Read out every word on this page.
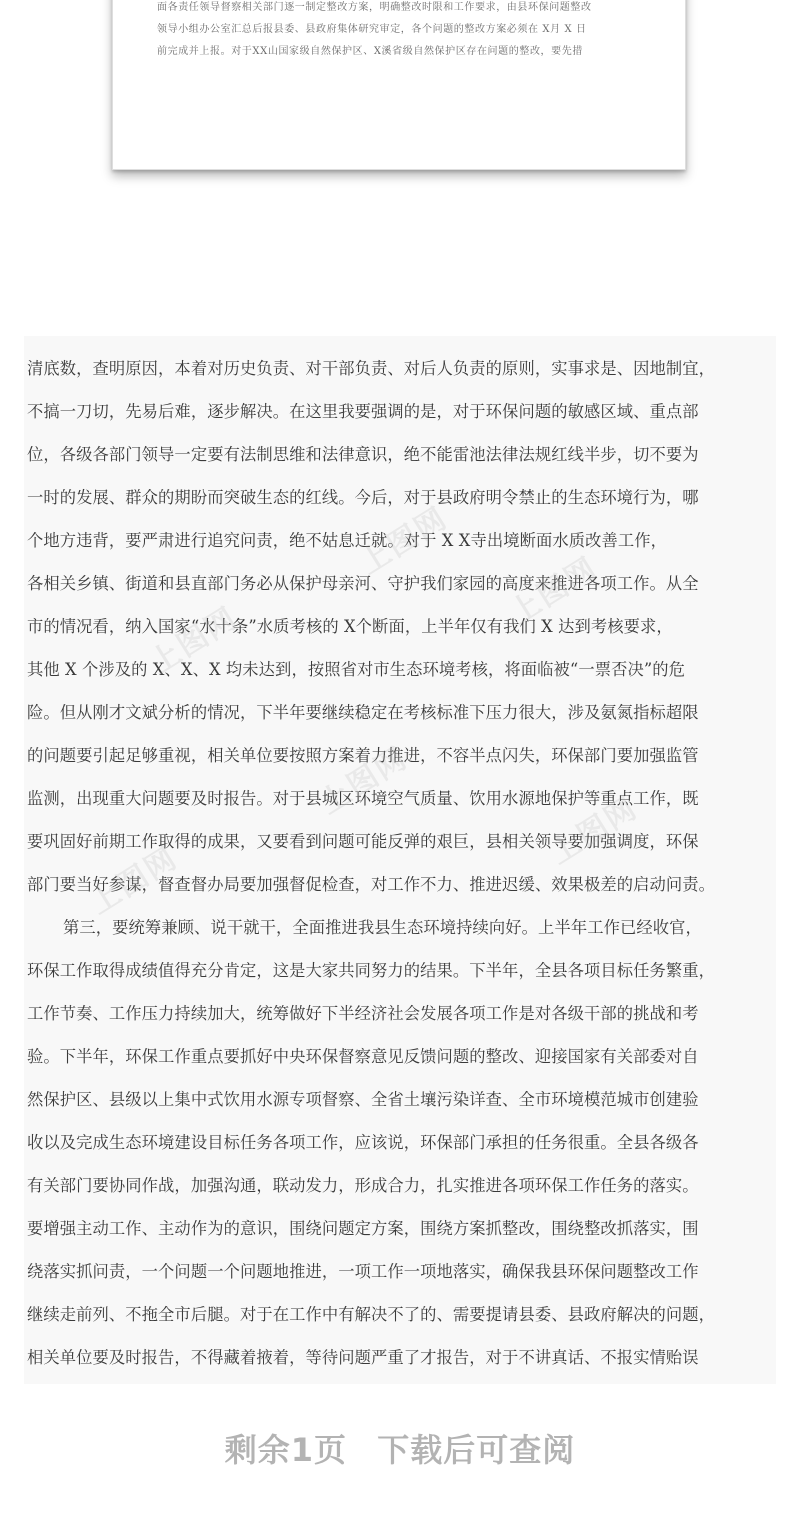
面各责任领导督察相关部门逐一制定整改方案，明确整改时限和工作要求，由县环保问题整改
领导小组办公室汇总后报县委、县政府集体研究审定，各个问题的整改方案必须在 X月 X 日
前完成并上报。对于XX山国家级自然保护区、X溪省级自然保护区存在问题的整改，要先措
清底数，查明原因，本着对历史负责、对干部负责、对后人负责的原则，实事求是、因地制宜，
不搞一刀切，先易后难，逐步解决。在这里我要强调的是，对于环保问题的敏感区域、重点部
位，各级各部门领导一定要有法制思维和法律意识，绝不能雷池法律法规红线半步，切不要为
一时的发展、群众的期盼而突破生态的红线。今后，对于县政府明令禁止的生态环境行为，哪
个地方违背，要严肃进行追究问责，绝不姑息迁就。对于 X X寺出境断面水质改善工作，
各相关乡镇、街道和县直部门务必从保护母亲河、守护我们家园的高度来推进各项工作。从全
市的情况看，纳入国家“水十条”水质考核的 X个断面，上半年仅有我们 X 达到考核要求，
其他 X 个涉及的 X、X、X 均未达到，按照省对市生态环境考核，将面临被“一票否决”的危
险。但从刚才文斌分析的情况，下半年要继续稳定在考核标准下压力很大，涉及氨氮指标超限
的问题要引起足够重视，相关单位要按照方案着力推进，不容半点闪失，环保部门要加强监管
监测，出现重大问题要及时报告。对于县城区环境空气质量、饮用水源地保护等重点工作，既
要巩固好前期工作取得的成果，又要看到问题可能反弹的艰巨，县相关领导要加强调度，环保
部门要当好参谋，督查督办局要加强督促检查，对工作不力、推进迟缓、效果极差的启动问责。
第三，要统筹兼顾、说干就干，全面推进我县生态环境持续向好。上半年工作已经收官，
环保工作取得成绩值得充分肯定，这是大家共同努力的结果。下半年，全县各项目标任务繁重，
工作节奏、工作压力持续加大，统筹做好下半经济社会发展各项工作是对各级干部的挑战和考
验。下半年，环保工作重点要抓好中央环保督察意见反馈问题的整改、迎接国家有关部委对自
然保护区、县级以上集中式饮用水源专项督察、全省土壤污染详查、全市环境模范城市创建验
收以及完成生态环境建设目标任务各项工作，应该说，环保部门承担的任务很重。全县各级各
有关部门要协同作战，加强沟通，联动发力，形成合力，扎实推进各项环保工作任务的落实。
要增强主动工作、主动作为的意识，围绕问题定方案，围绕方案抓整改，围绕整改抓落实，围
绕落实抓问责，一个问题一个问题地推进，一项工作一项地落实，确保我县环保问题整改工作
继续走前列、不拖全市后腿。对于在工作中有解决不了的、需要提请县委、县政府解决的问题，
相关单位要及时报告，不得藏着掖着，等待问题严重了才报告，对于不讲真话、不报实情贻误
上图网
上图网
上图网
上图网
上图网
上图网
剩余1页 下载后可查阅
